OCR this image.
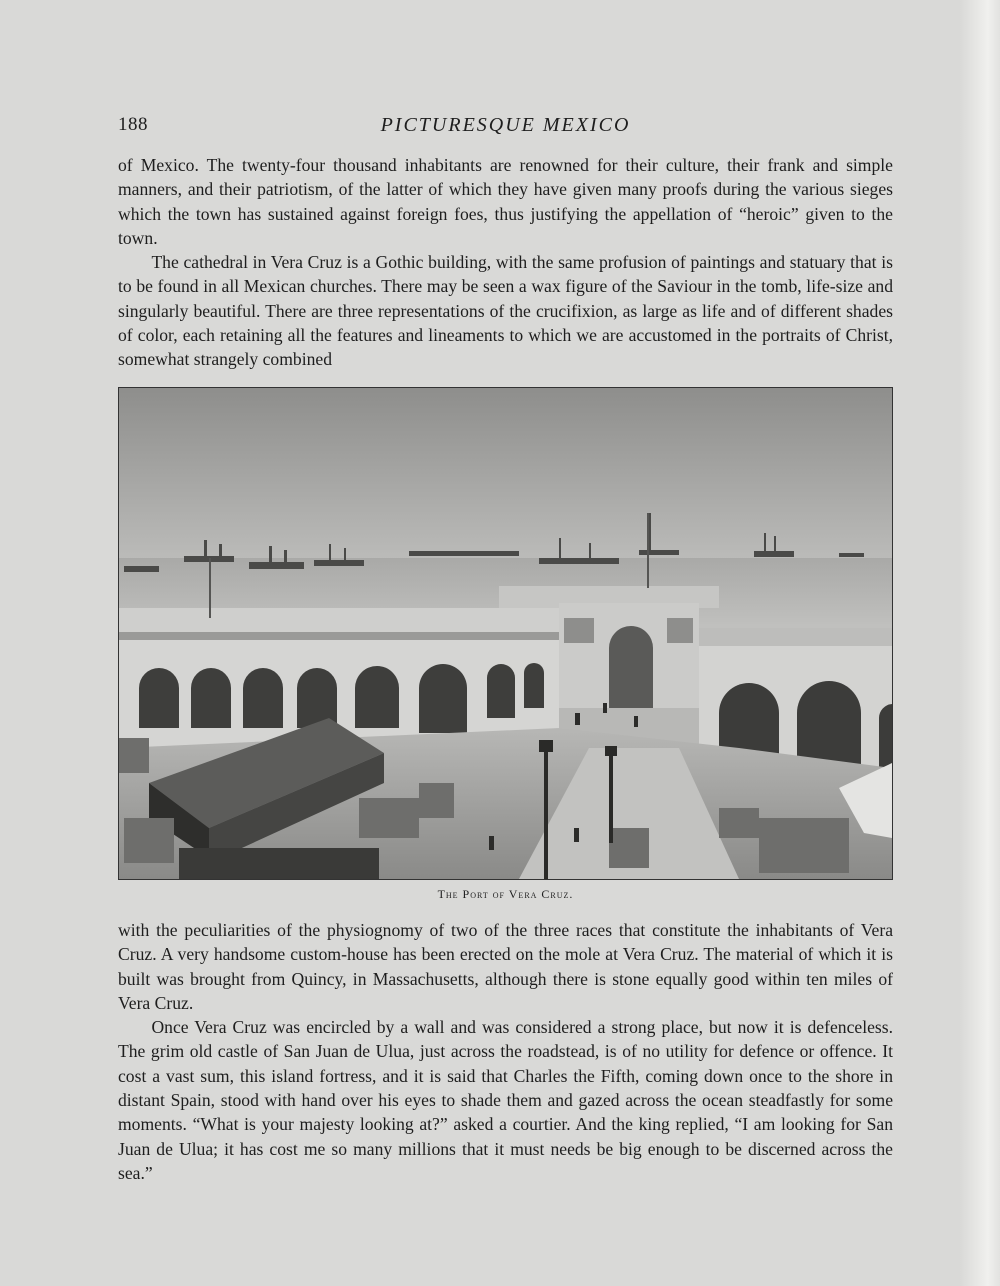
188	PICTURESQUE MEXICO

of Mexico. The twenty-four thousand inhabitants are renowned for their culture, their frank and simple manners, and their patriotism, of the latter of which they have given many proofs during the various sieges which the town has sustained against foreign foes, thus justifying the appellation of “heroic” given to the town.

The cathedral in Vera Cruz is a Gothic building, with the same profusion of paintings and statuary that is to be found in all Mexican churches. There may be seen a wax figure of the Saviour in the tomb, life-size and singularly beautiful. There are three representations of the crucifixion, as large as life and of different shades of color, each retaining all the features and lineaments to which we are accustomed in the portraits of Christ, somewhat strangely combined

The Port of Vera Cruz.

with the peculiarities of the physiognomy of two of the three races that constitute the inhabitants of Vera Cruz. A very handsome custom-house has been erected on the mole at Vera Cruz. The material of which it is built was brought from Quincy, in Massachusetts, although there is stone equally good within ten miles of Vera Cruz.

Once Vera Cruz was encircled by a wall and was considered a strong place, but now it is defenceless. The grim old castle of San Juan de Ulua, just across the roadstead, is of no utility for defence or offence. It cost a vast sum, this island fortress, and it is said that Charles the Fifth, coming down once to the shore in distant Spain, stood with hand over his eyes to shade them and gazed across the ocean steadfastly for some moments. “What is your majesty looking at?” asked a courtier. And the king replied, “I am looking for San Juan de Ulua; it has cost me so many millions that it must needs be big enough to be discerned across the sea.”
